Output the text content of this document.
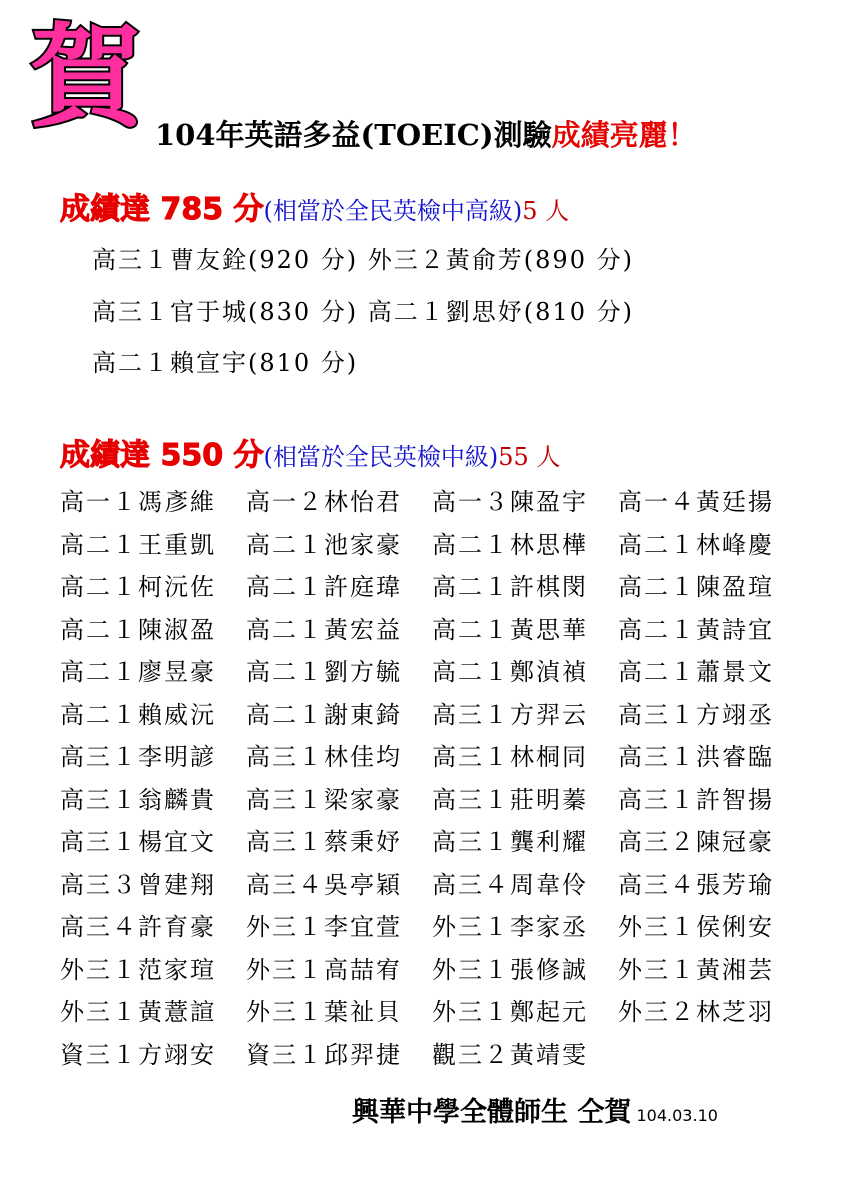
賀 104年英語多益(TOEIC)測驗成績亮麗！
成績達 785 分(相當於全民英檢中高級)5 人
高三１曹友銓(920 分) 外三２黃俞芳(890 分)
高三１官于城(830 分) 高二１劉思妤(810 分)
高二１賴宣宇(810 分)
成績達 550 分(相當於全民英檢中級)55 人
高一１馮彥維	高一２林怡君	高一３陳盈宇	高一４黃廷揚
高二１王重凱	高二１池家豪	高二１林思樺	高二１林峰慶
高二１柯沅佐	高二１許庭瑋	高二１許棋閔	高二１陳盈瑄
高二１陳淑盈	高二１黃宏益	高二１黃思華	高二１黃詩宜
高二１廖昱豪	高二１劉方毓	高二１鄭湞禎	高二１蕭景文
高二１賴威沅	高二１謝東錡	高三１方羿云	高三１方翊丞
高三１李明諺	高三１林佳均	高三１林桐同	高三１洪睿臨
高三１翁麟貴	高三１梁家豪	高三１莊明蓁	高三１許智揚
高三１楊宜文	高三１蔡秉妤	高三１龔利耀	高三２陳冠豪
高三３曾建翔	高三４吳亭穎	高三４周韋伶	高三４張芳瑜
高三４許育豪	外三１李宜萱	外三１李家丞	外三１侯俐安
外三１范家瑄	外三１高喆宥	外三１張修誠	外三１黃湘芸
外三１黃薏諠	外三１葉祉貝	外三１鄭起元	外三２林芝羽
資三１方翊安	資三１邱羿捷	觀三２黃靖雯
興華中學全體師生 仝賀 104.03.10
